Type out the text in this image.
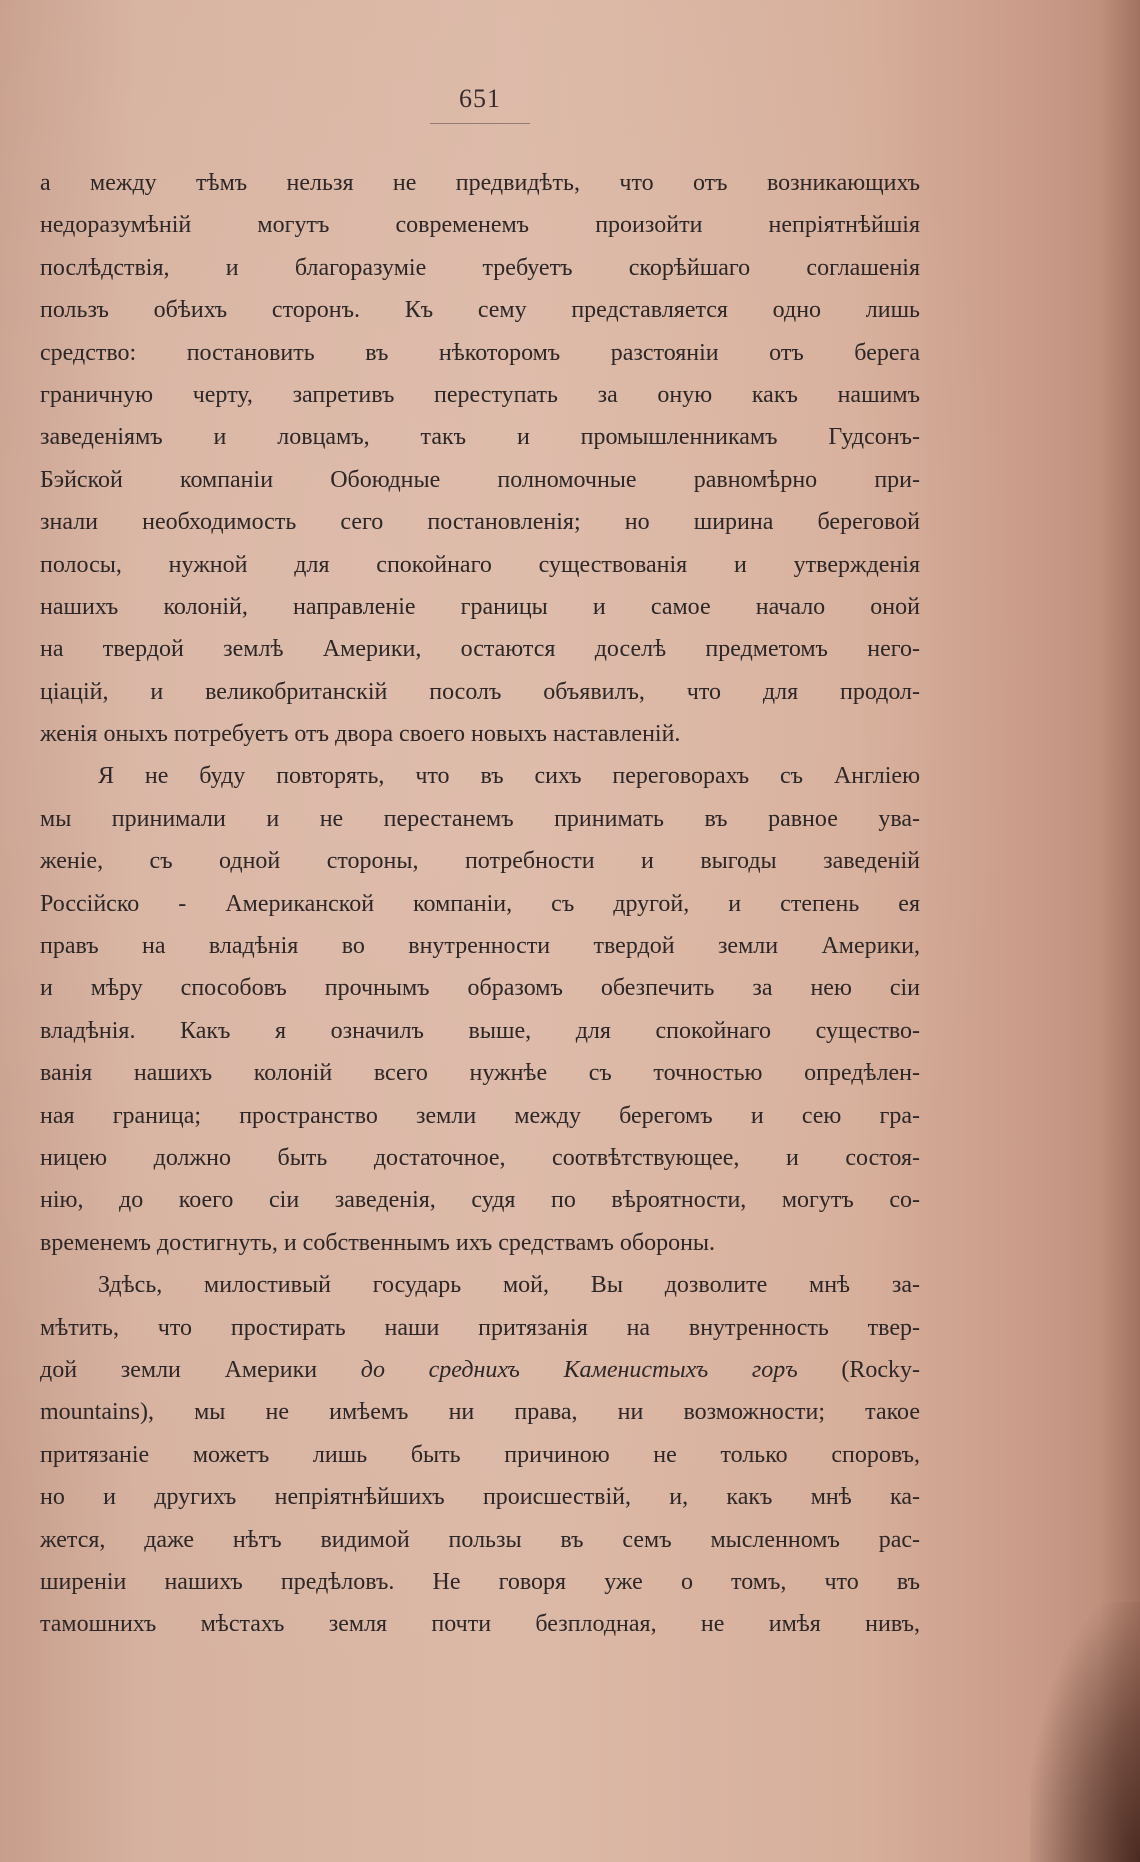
651
а между тѣмъ нельзя не предвидѣть, что отъ возникающихъ
недоразумѣній могутъ современемъ произойти непріятнѣйшія
послѣдствія, и благоразуміе требуетъ скорѣйшаго соглашенія
пользъ обѣихъ сторонъ. Къ сему представляется одно лишь
средство: постановить въ нѣкоторомъ разстояніи отъ берега
граничную черту, запретивъ переступать за оную какъ нашимъ
заведеніямъ и ловцамъ, такъ и промышленникамъ Гудсонъ-
Бэйской компаніи Обоюдные полномочные равномѣрно при-
знали необходимость сего постановленія; но ширина береговой
полосы, нужной для спокойнаго существованія и утвержденія
нашихъ колоній, направленіе границы и самое начало оной
на твердой землѣ Америки, остаются доселѣ предметомъ него-
ціацій, и великобританскій посолъ объявилъ, что для продол-
женія оныхъ потребуетъ отъ двора своего новыхъ наставленій.
Я не буду повторять, что въ сихъ переговорахъ съ Англіею
мы принимали и не перестанемъ принимать въ равное ува-
женіе, съ одной стороны, потребности и выгоды заведеній
Россійско - Американской компаніи, съ другой, и степень ея
правъ на владѣнія во внутренности твердой земли Америки,
и мѣру способовъ прочнымъ образомъ обезпечить за нею сіи
владѣнія. Какъ я означилъ выше, для спокойнаго существо-
ванія нашихъ колоній всего нужнѣе съ точностью опредѣлен-
ная граница; пространство земли между берегомъ и сею гра-
ницею должно быть достаточное, соотвѣтствующее, и состоя-
нію, до коего сіи заведенія, судя по вѣроятности, могутъ со-
временемъ достигнуть, и собственнымъ ихъ средствамъ обороны.
Здѣсь, милостивый государь мой, Вы дозволите мнѣ за-
мѣтить, что простирать наши притязанія на внутренность твер-
дой земли Америки до среднихъ Каменистыхъ горъ (Rocky-
mountains), мы не имѣемъ ни права, ни возможности; такое
притязаніе можетъ лишь быть причиною не только споровъ,
но и другихъ непріятнѣйшихъ происшествій, и, какъ мнѣ ка-
жется, даже нѣтъ видимой пользы въ семъ мысленномъ рас-
ширеніи нашихъ предѣловъ. Не говоря уже о томъ, что въ
тамошнихъ мѣстахъ земля почти безплодная, не имѣя нивъ,
